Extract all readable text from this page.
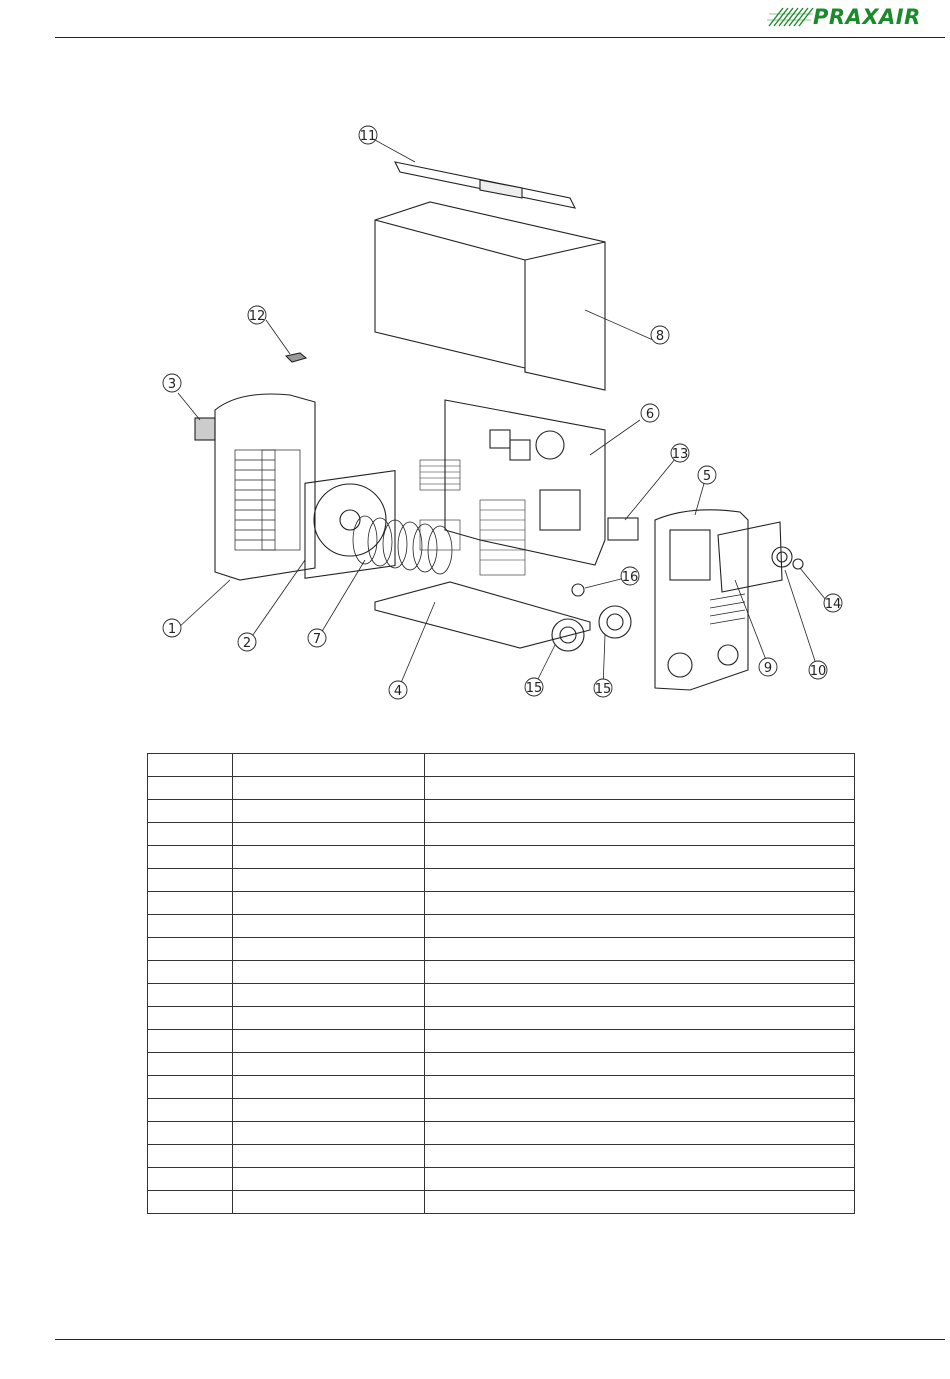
PRAXAIR
11
8
12
3
6
13
5
16
1
2	7
4	15	15
9	10
14
